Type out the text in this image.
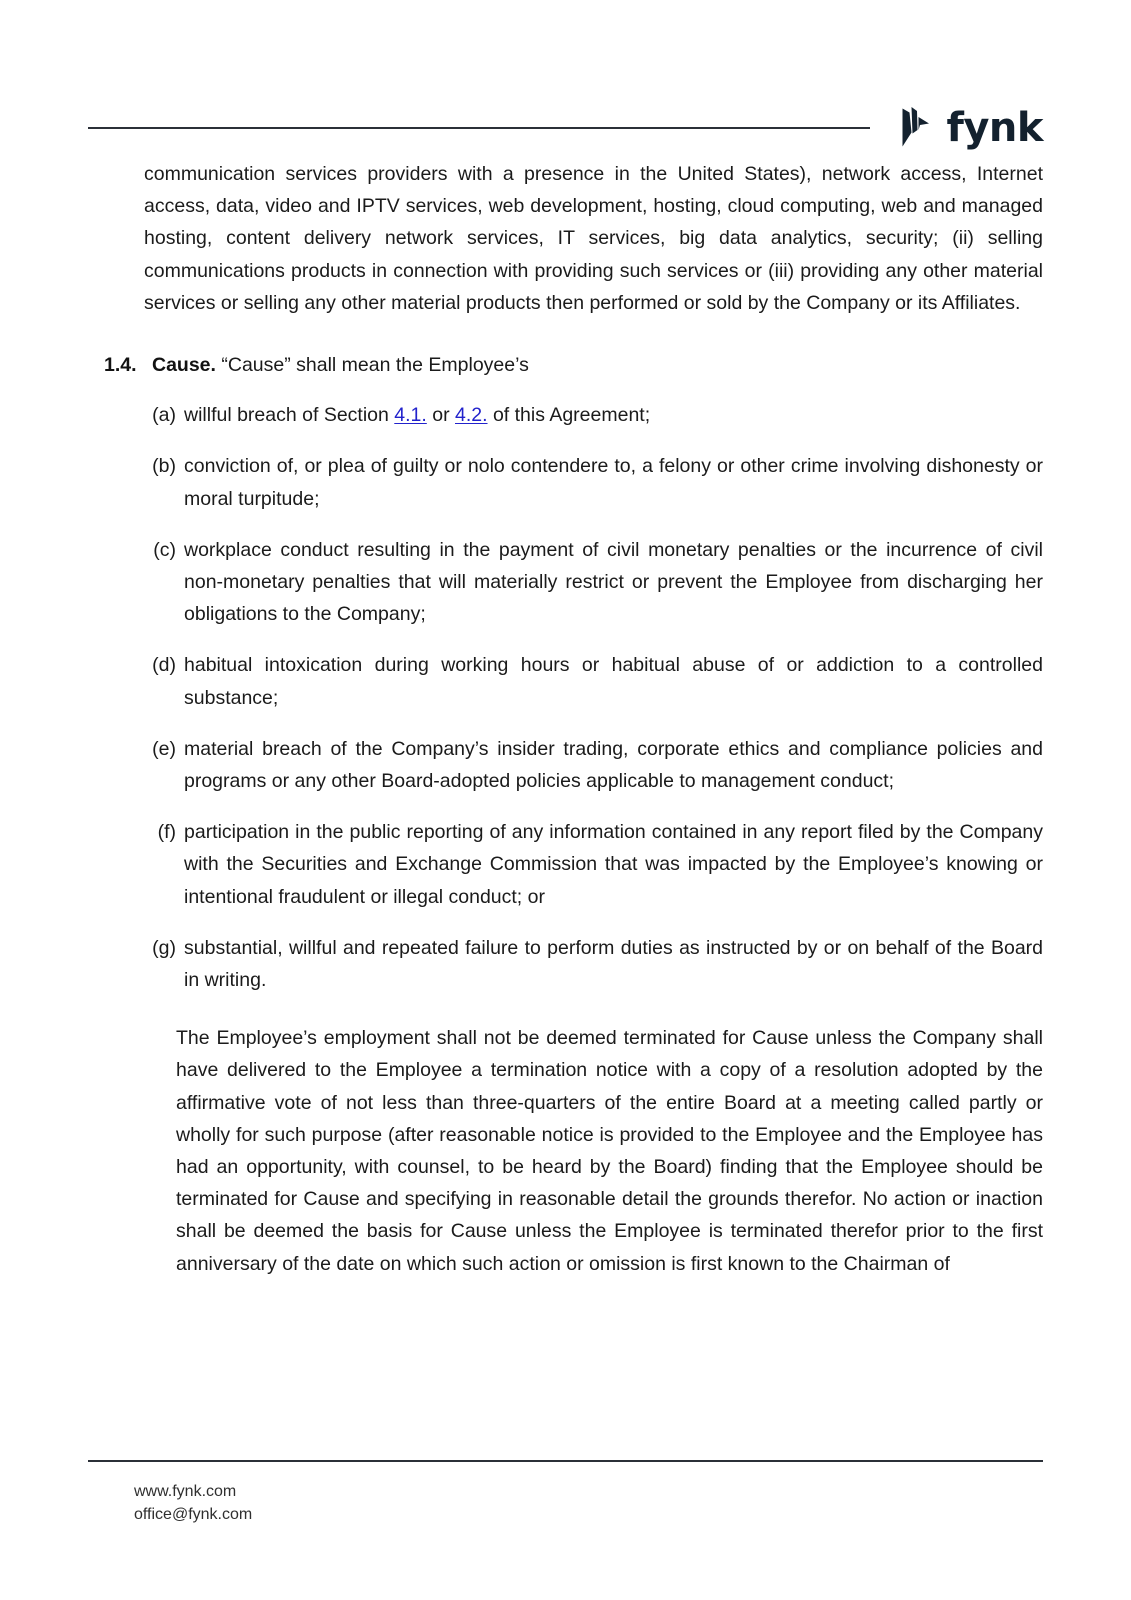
fynk

communication services providers with a presence in the United States), network access, Internet access, data, video and IPTV services, web development, hosting, cloud computing, web and managed hosting, content delivery network services, IT services, big data analytics, security; (ii) selling communications products in connection with providing such services or (iii) providing any other material services or selling any other material products then performed or sold by the Company or its Affiliates.

1.4. Cause. “Cause” shall mean the Employee’s
(a) willful breach of Section 4.1. or 4.2. of this Agreement;
(b) conviction of, or plea of guilty or nolo contendere to, a felony or other crime involving dishonesty or moral turpitude;
(c) workplace conduct resulting in the payment of civil monetary penalties or the incurrence of civil non-monetary penalties that will materially restrict or prevent the Employee from discharging her obligations to the Company;
(d) habitual intoxication during working hours or habitual abuse of or addiction to a controlled substance;
(e) material breach of the Company’s insider trading, corporate ethics and compliance policies and programs or any other Board-adopted policies applicable to management conduct;
(f) participation in the public reporting of any information contained in any report filed by the Company with the Securities and Exchange Commission that was impacted by the Employee’s knowing or intentional fraudulent or illegal conduct; or
(g) substantial, willful and repeated failure to perform duties as instructed by or on behalf of the Board in writing.

The Employee’s employment shall not be deemed terminated for Cause unless the Company shall have delivered to the Employee a termination notice with a copy of a resolution adopted by the affirmative vote of not less than three-quarters of the entire Board at a meeting called partly or wholly for such purpose (after reasonable notice is provided to the Employee and the Employee has had an opportunity, with counsel, to be heard by the Board) finding that the Employee should be terminated for Cause and specifying in reasonable detail the grounds therefor. No action or inaction shall be deemed the basis for Cause unless the Employee is terminated therefor prior to the first anniversary of the date on which such action or omission is first known to the Chairman of

www.fynk.com
office@fynk.com
